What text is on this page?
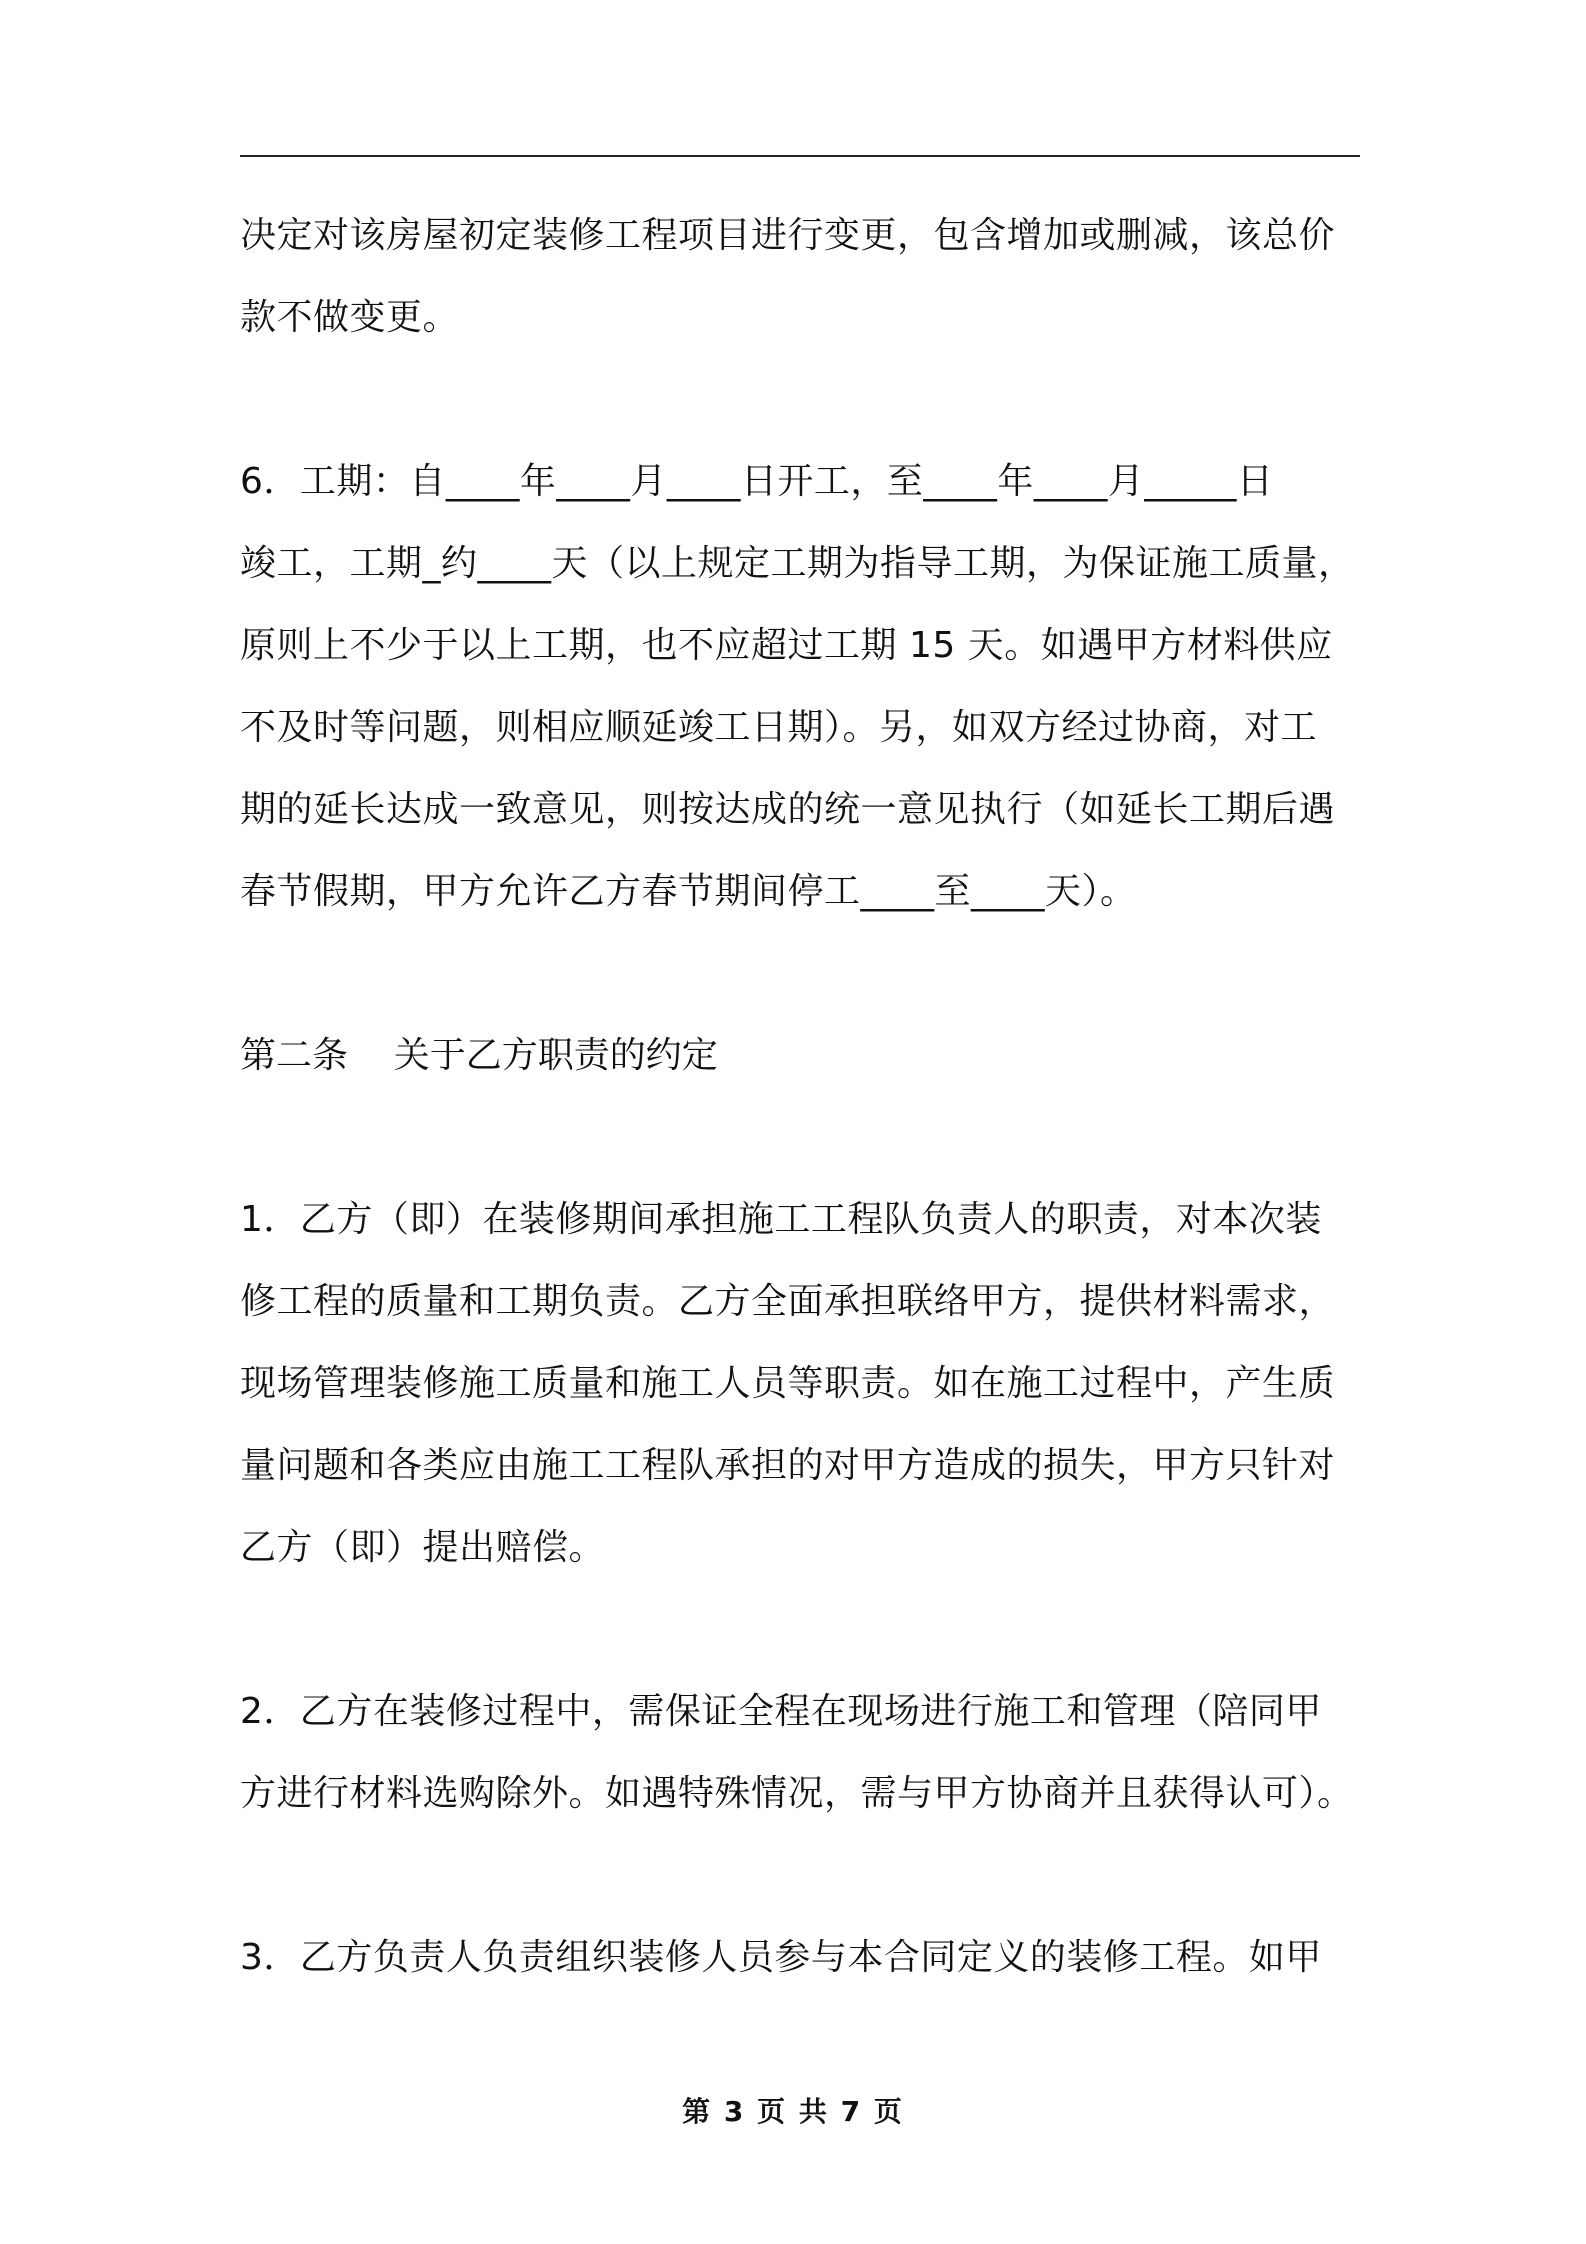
决定对该房屋初定装修工程项目进行变更，包含增加或删减，该总价

款不做变更。

6．工期：自____年____月____日开工，至____年____月_____日

竣工，工期_约____天（以上规定工期为指导工期，为保证施工质量，

原则上不少于以上工期，也不应超过工期 15 天。如遇甲方材料供应

不及时等问题，则相应顺延竣工日期）。另，如双方经过协商，对工

期的延长达成一致意见，则按达成的统一意见执行（如延长工期后遇

春节假期，甲方允许乙方春节期间停工____至____天）。

第二条    关于乙方职责的约定

1．乙方（即）在装修期间承担施工工程队负责人的职责，对本次装

修工程的质量和工期负责。乙方全面承担联络甲方，提供材料需求，

现场管理装修施工质量和施工人员等职责。如在施工过程中，产生质

量问题和各类应由施工工程队承担的对甲方造成的损失，甲方只针对

乙方（即）提出赔偿。

2．乙方在装修过程中，需保证全程在现场进行施工和管理（陪同甲

方进行材料选购除外。如遇特殊情况，需与甲方协商并且获得认可）。

3．乙方负责人负责组织装修人员参与本合同定义的装修工程。如甲

第 3 页 共 7 页
